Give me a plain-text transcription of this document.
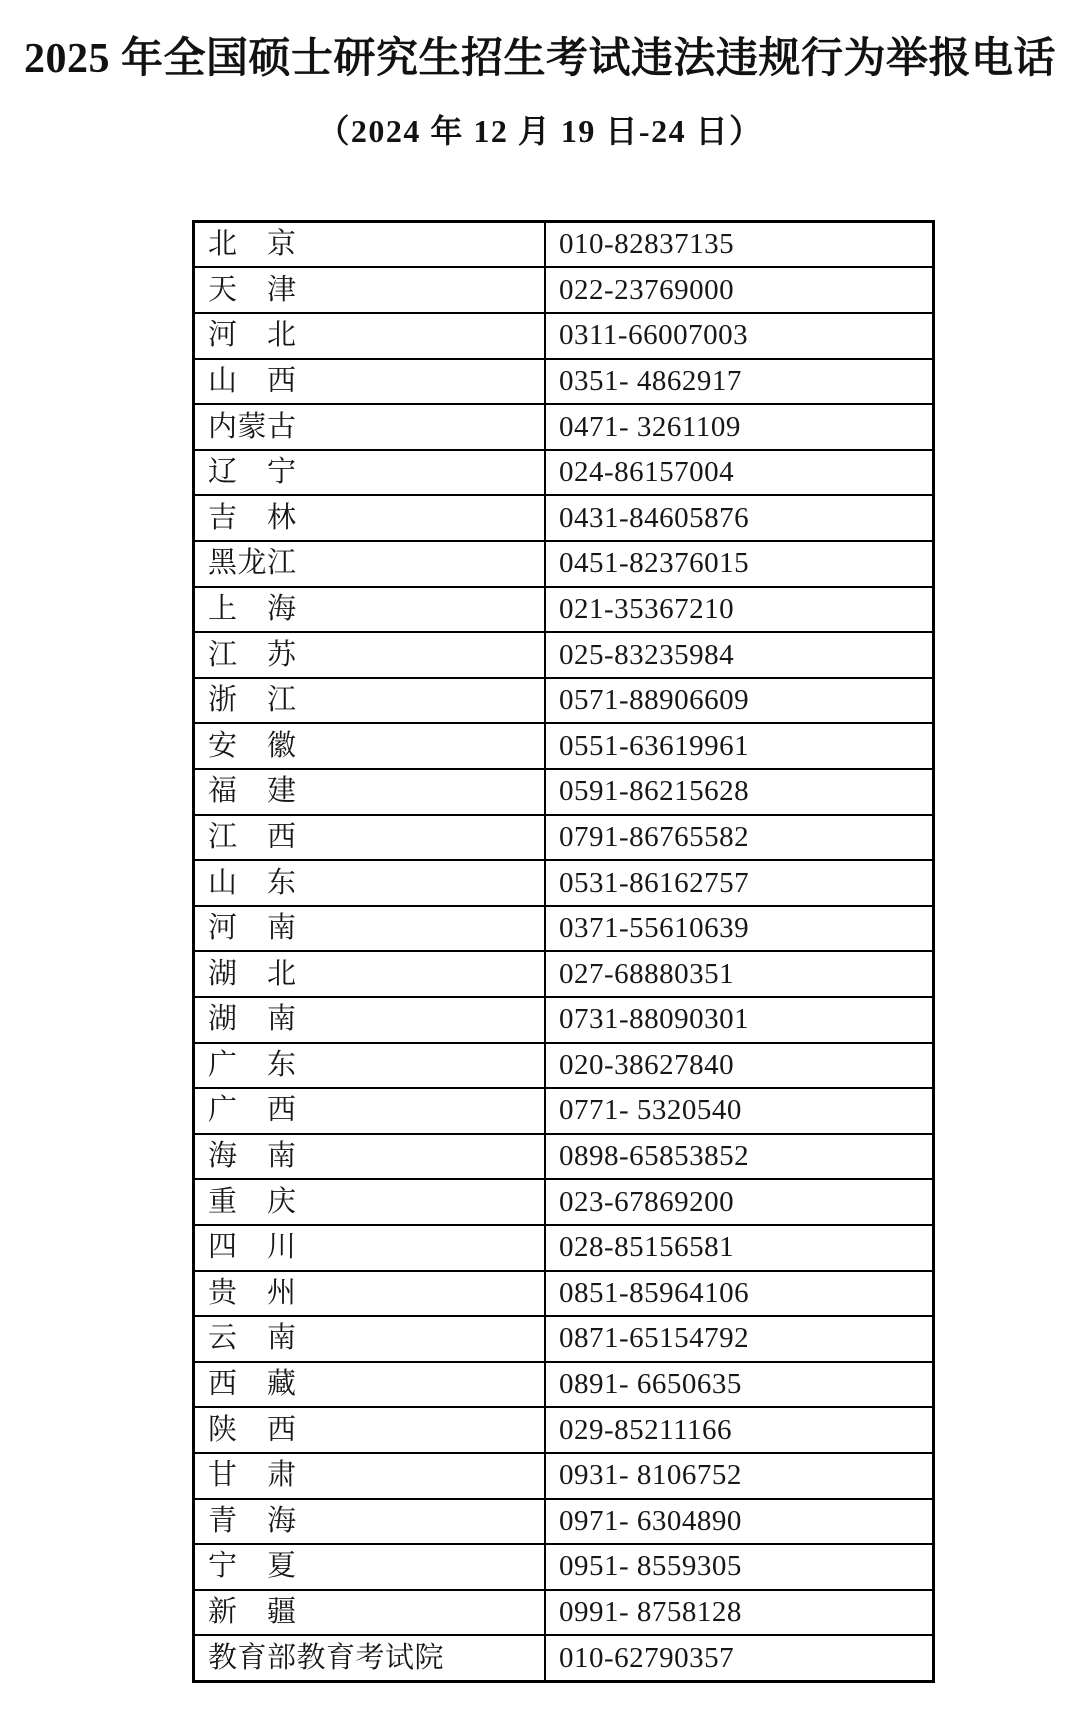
2025 年全国硕士研究生招生考试违法违规行为举报电话
（2024 年 12 月 19 日-24 日）
北　京	010-82837135
天　津	022-23769000
河　北	0311-66007003
山　西	0351- 4862917
内蒙古	0471- 3261109
辽　宁	024-86157004
吉　林	0431-84605876
黑龙江	0451-82376015
上　海	021-35367210
江　苏	025-83235984
浙　江	0571-88906609
安　徽	0551-63619961
福　建	0591-86215628
江　西	0791-86765582
山　东	0531-86162757
河　南	0371-55610639
湖　北	027-68880351
湖　南	0731-88090301
广　东	020-38627840
广　西	0771- 5320540
海　南	0898-65853852
重　庆	023-67869200
四　川	028-85156581
贵　州	0851-85964106
云　南	0871-65154792
西　藏	0891- 6650635
陕　西	029-85211166
甘　肃	0931- 8106752
青　海	0971- 6304890
宁　夏	0951- 8559305
新　疆	0991- 8758128
教育部教育考试院	010-62790357
